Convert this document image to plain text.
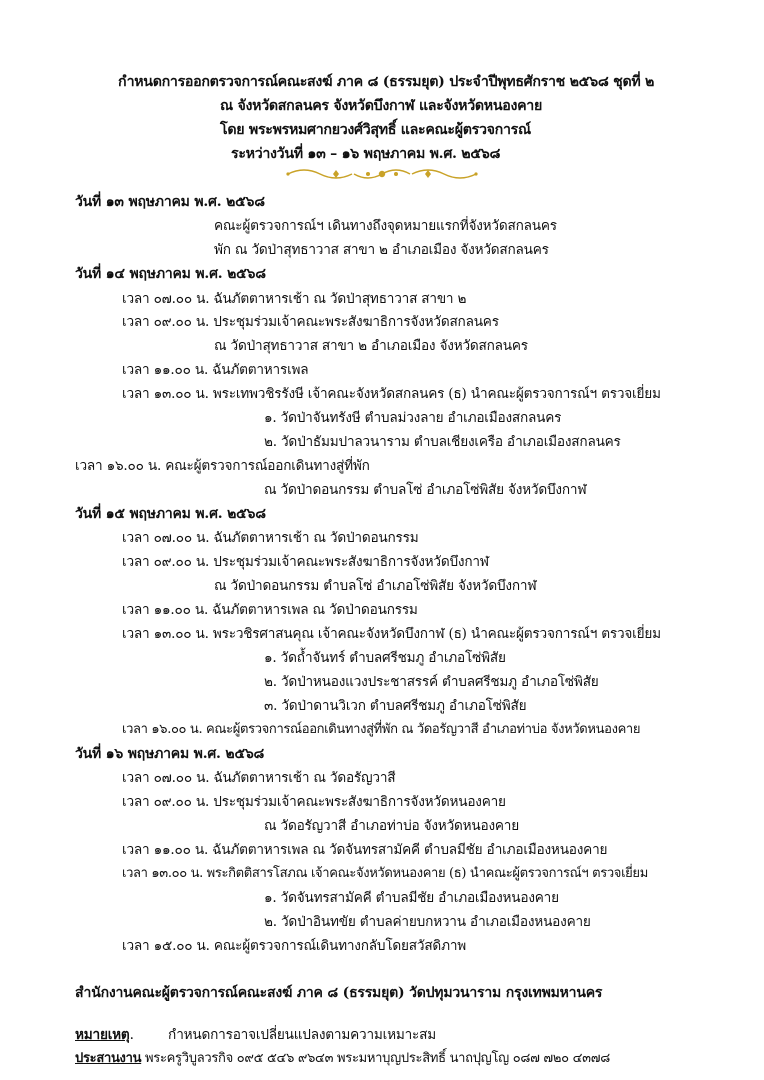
กำหนดการออกตรวจการณ์คณะสงฆ์ ภาค ๘ (ธรรมยุต) ประจำปีพุทธศักราช ๒๕๖๘ ชุดที่ ๒
ณ จังหวัดสกลนคร จังหวัดบึงกาฬ และจังหวัดหนองคาย
โดย พระพรหมศากยวงศ์วิสุทธิ์ และคณะผู้ตรวจการณ์
ระหว่างวันที่ ๑๓ – ๑๖ พฤษภาคม พ.ศ. ๒๕๖๘
วันที่ ๑๓ พฤษภาคม พ.ศ. ๒๕๖๘
คณะผู้ตรวจการณ์ฯ เดินทางถึงจุดหมายแรกที่จังหวัดสกลนคร
พัก ณ วัดป่าสุทธาวาส สาขา ๒ อำเภอเมือง จังหวัดสกลนคร
วันที่ ๑๔ พฤษภาคม พ.ศ. ๒๕๖๘
เวลา ๐๗.๐๐ น. ฉันภัตตาหารเช้า ณ วัดป่าสุทธาวาส สาขา ๒
เวลา ๐๙.๐๐ น. ประชุมร่วมเจ้าคณะพระสังฆาธิการจังหวัดสกลนคร
ณ วัดป่าสุทธาวาส สาขา ๒ อำเภอเมือง จังหวัดสกลนคร
เวลา ๑๑.๐๐ น. ฉันภัตตาหารเพล
เวลา ๑๓.๐๐ น. พระเทพวชิรรังษี เจ้าคณะจังหวัดสกลนคร (ธ) นำคณะผู้ตรวจการณ์ฯ ตรวจเยี่ยม
๑. วัดป่าจันทรังษี ตำบลม่วงลาย อำเภอเมืองสกลนคร
๒. วัดป่าธัมมปาลวนาราม ตำบลเชียงเครือ อำเภอเมืองสกลนคร
เวลา ๑๖.๐๐ น. คณะผู้ตรวจการณ์ออกเดินทางสู่ที่พัก
ณ วัดป่าดอนกรรม ตำบลโซ่ อำเภอโซ่พิสัย จังหวัดบึงกาฬ
วันที่ ๑๕ พฤษภาคม พ.ศ. ๒๕๖๘
เวลา ๐๗.๐๐ น. ฉันภัตตาหารเช้า ณ วัดป่าดอนกรรม
เวลา ๐๙.๐๐ น. ประชุมร่วมเจ้าคณะพระสังฆาธิการจังหวัดบึงกาฬ
ณ วัดป่าดอนกรรม ตำบลโซ่ อำเภอโซ่พิสัย จังหวัดบึงกาฬ
เวลา ๑๑.๐๐ น. ฉันภัตตาหารเพล ณ วัดป่าดอนกรรม
เวลา ๑๓.๐๐ น. พระวชิรศาสนคุณ เจ้าคณะจังหวัดบึงกาฬ (ธ) นำคณะผู้ตรวจการณ์ฯ ตรวจเยี่ยม
๑. วัดถ้ำจันทร์ ตำบลศรีชมภู อำเภอโซ่พิสัย
๒. วัดป่าหนองแวงประชาสรรค์ ตำบลศรีชมภู อำเภอโซ่พิสัย
๓. วัดป่าดานวิเวก ตำบลศรีชมภู อำเภอโซ่พิสัย
เวลา ๑๖.๐๐ น. คณะผู้ตรวจการณ์ออกเดินทางสู่ที่พัก ณ วัดอรัญวาสี อำเภอท่าบ่อ จังหวัดหนองคาย
วันที่ ๑๖ พฤษภาคม พ.ศ. ๒๕๖๘
เวลา ๐๗.๐๐ น. ฉันภัตตาหารเช้า ณ วัดอรัญวาสี
เวลา ๐๙.๐๐ น. ประชุมร่วมเจ้าคณะพระสังฆาธิการจังหวัดหนองคาย
ณ วัดอรัญวาสี อำเภอท่าบ่อ จังหวัดหนองคาย
เวลา ๑๑.๐๐ น. ฉันภัตตาหารเพล ณ วัดจันทรสามัคคี ตำบลมีชัย อำเภอเมืองหนองคาย
เวลา ๑๓.๐๐ น. พระกิตติสารโสภณ เจ้าคณะจังหวัดหนองคาย (ธ) นำคณะผู้ตรวจการณ์ฯ ตรวจเยี่ยม
๑. วัดจันทรสามัคคี ตำบลมีชัย อำเภอเมืองหนองคาย
๒. วัดป่าอินทขัย ตำบลค่ายบกหวาน อำเภอเมืองหนองคาย
เวลา ๑๕.๐๐ น. คณะผู้ตรวจการณ์เดินทางกลับโดยสวัสดิภาพ
สำนักงานคณะผู้ตรวจการณ์คณะสงฆ์ ภาค ๘ (ธรรมยุต) วัดปทุมวนาราม กรุงเทพมหานคร
หมายเหตุ.	กำหนดการอาจเปลี่ยนแปลงตามความเหมาะสม
ประสานงาน พระครูวิบูลวรกิจ ๐๙๕ ๕๔๖ ๙๖๔๓ พระมหาบุญประสิทธิ์ นาถปุญโญ ๐๘๗ ๗๒๐ ๔๓๗๘
